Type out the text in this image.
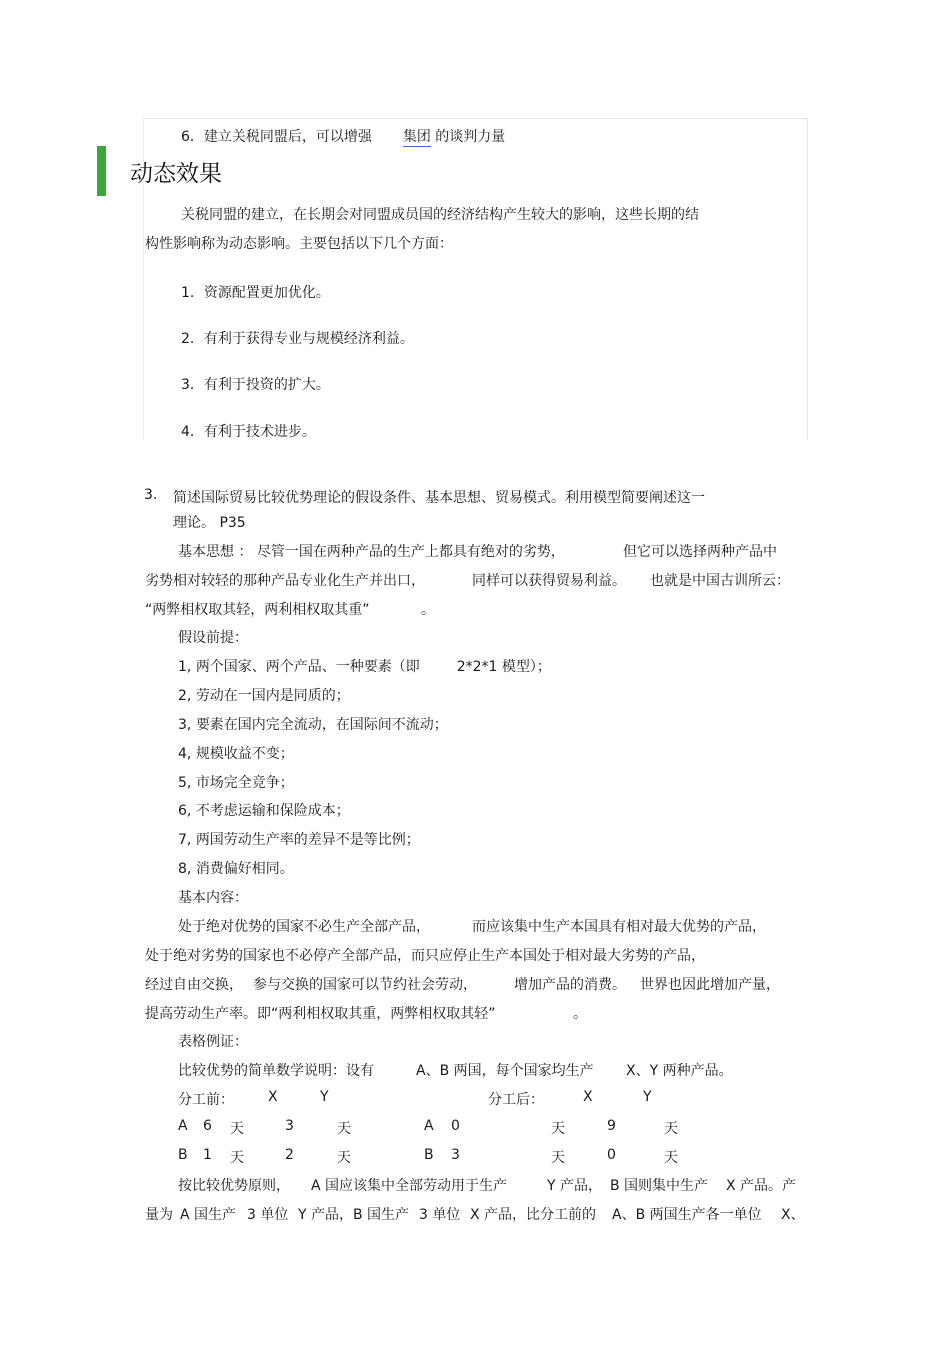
6．建立关税同盟后，可以增强 集团 的谈判力量
动态效果
关税同盟的建立，在长期会对同盟成员国的经济结构产生较大的影响，这些长期的结
构性影响称为动态影响。主要包括以下几个方面：
1．资源配置更加优化。
2．有利于获得专业与规模经济利益。
3．有利于投资的扩大。
4．有利于技术进步。
3. 简述国际贸易比较优势理论的假设条件、基本思想、贸易模式。利用模型简要阐述这一
理论。 P35
基本思想 ： 尽管一国在两种产品的生产上都具有绝对的劣势，	但它可以选择两种产品中
劣势相对较轻的那种产品专业化生产并出口，	同样可以获得贸易利益。 也就是中国古训所云：
“两弊相权取其轻，两利相权取其重”	。
假设前提：
1, 两个国家、两个产品、一种要素（即	2*2*1 模型）；
2, 劳动在一国内是同质的；
3, 要素在国内完全流动，在国际间不流动；
4, 规模收益不变；
5, 市场完全竞争；
6, 不考虑运输和保险成本；
7, 两国劳动生产率的差异不是等比例；
8, 消费偏好相同。
基本内容：
处于绝对优势的国家不必生产全部产品，	而应该集中生产本国具有相对最大优势的产品，
处于绝对劣势的国家也不必停产全部产品，而只应停止生产本国处于相对最大劣势的产品，
经过自由交换， 参与交换的国家可以节约社会劳动，	增加产品的消费。 世界也因此增加产量，
提高劳动生产率。即“两利相权取其重，两弊相权取其轻”	。
表格例证：
比较优势的简单数学说明：设有	A、B 两国，每个国家均生产 X、Y 两种产品。
分工前： X	Y	分工后：	X	Y
A 6 天	3	天	A 0	天	9	天
B 1 天	2	天	B 3	天	0	天
按比较优势原则， A 国应该集中全部劳动用于生产	Y 产品， B 国则集中生产 X 产品。产
量为 A 国生产 3 单位 Y 产品，B 国生产 3 单位 X 产品，比分工前的 A、B 两国生产各一单位 X、
